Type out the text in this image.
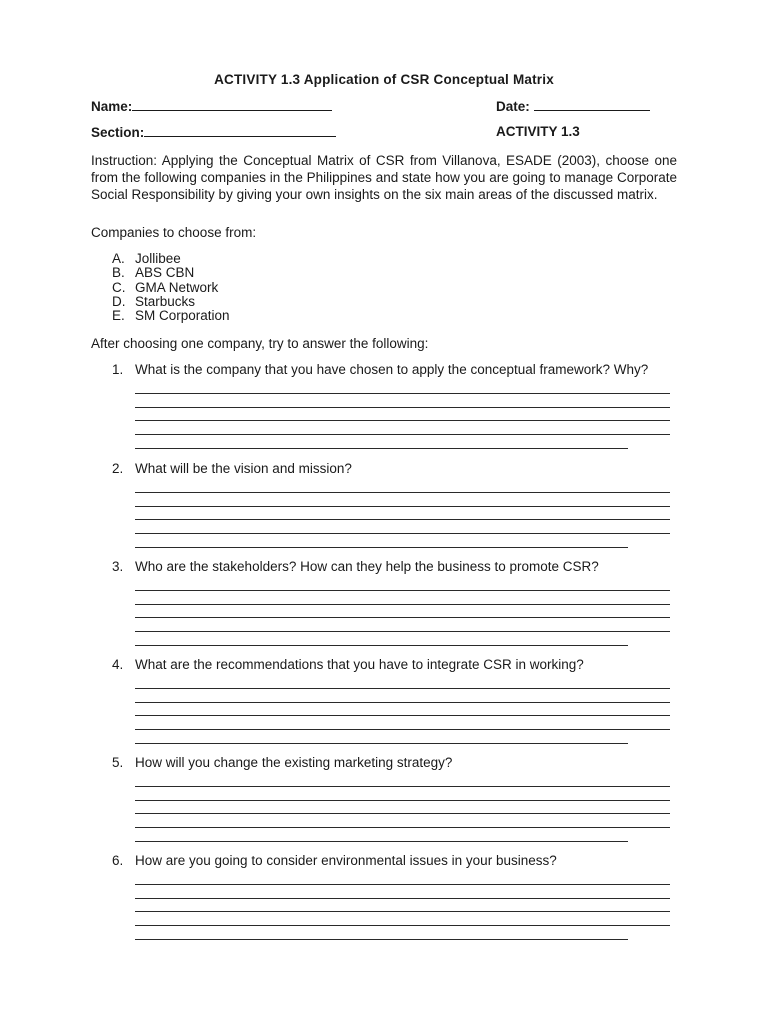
ACTIVITY 1.3 Application of CSR Conceptual Matrix
Name:	Date:
Section:	ACTIVITY 1.3

Instruction: Applying the Conceptual Matrix of CSR from Villanova, ESADE (2003), choose one from the following companies in the Philippines and state how you are going to manage Corporate Social Responsibility by giving your own insights on the six main areas of the discussed matrix.

Companies to choose from:

A. Jollibee
B. ABS CBN
C. GMA Network
D. Starbucks
E. SM Corporation

After choosing one company, try to answer the following:

1. What is the company that you have chosen to apply the conceptual framework? Why?
2. What will be the vision and mission?
3. Who are the stakeholders? How can they help the business to promote CSR?
4. What are the recommendations that you have to integrate CSR in working?
5. How will you change the existing marketing strategy?
6. How are you going to consider environmental issues in your business?
